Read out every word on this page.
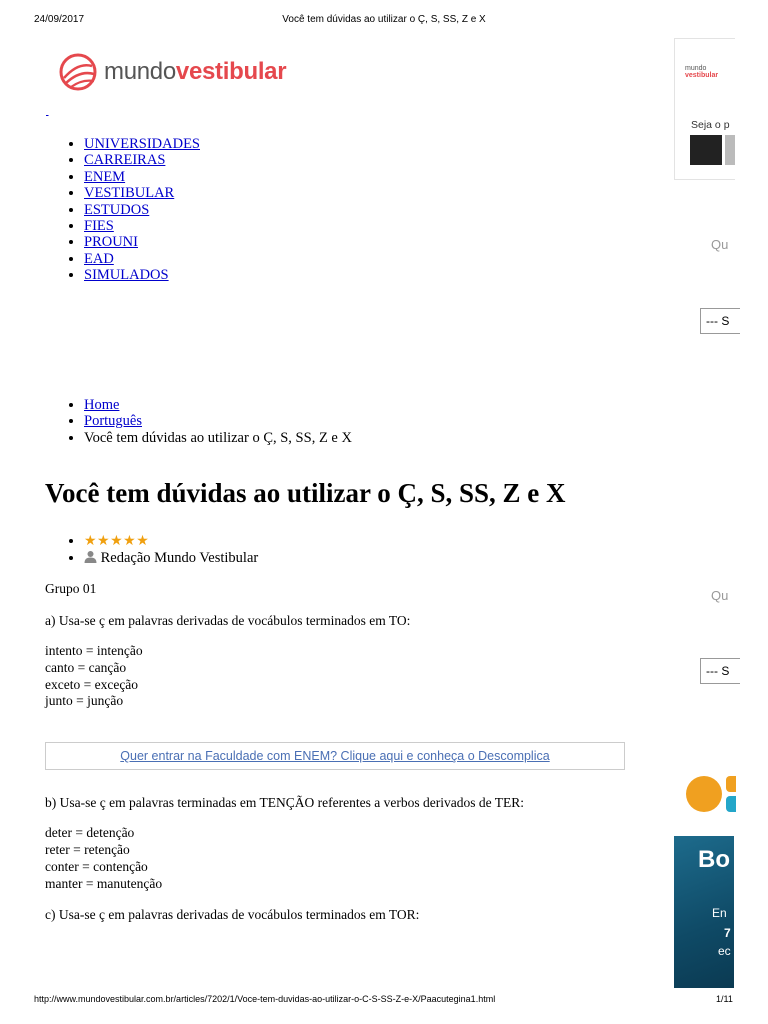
24/09/2017	Você tem dúvidas ao utilizar o Ç, S, SS, Z e X
mundovestibular

• UNIVERSIDADES
• CARREIRAS
• ENEM
• VESTIBULAR
• ESTUDOS
• FIES
• PROUNI
• EAD
• SIMULADOS
• Home
• Português
• Você tem dúvidas ao utilizar o Ç, S, SS, Z e X
Você tem dúvidas ao utilizar o Ç, S, SS, Z e X
• ★★★★★
• Redação Mundo Vestibular

Grupo 01

a) Usa-se ç em palavras derivadas de vocábulos terminados em TO:

intento = intenção

canto = canção

exceto = exceção

junto = junção

Quer entrar na Faculdade com ENEM? Clique aqui e conheça o Descomplica

b) Usa-se ç em palavras terminadas em TENÇÃO referentes a verbos derivados de TER:

deter = detenção

reter = retenção

conter = contenção

manter = manutenção

c) Usa-se ç em palavras derivadas de vocábulos terminados em TOR:

mundo
vestibular
Seja o p
Qu
--- S
Qu
--- S
Bo
En
7
ec
http://www.mundovestibular.com.br/articles/7202/1/Voce-tem-duvidas-ao-utilizar-o-C-S-SS-Z-e-X/Paacutegina1.html	1/11
